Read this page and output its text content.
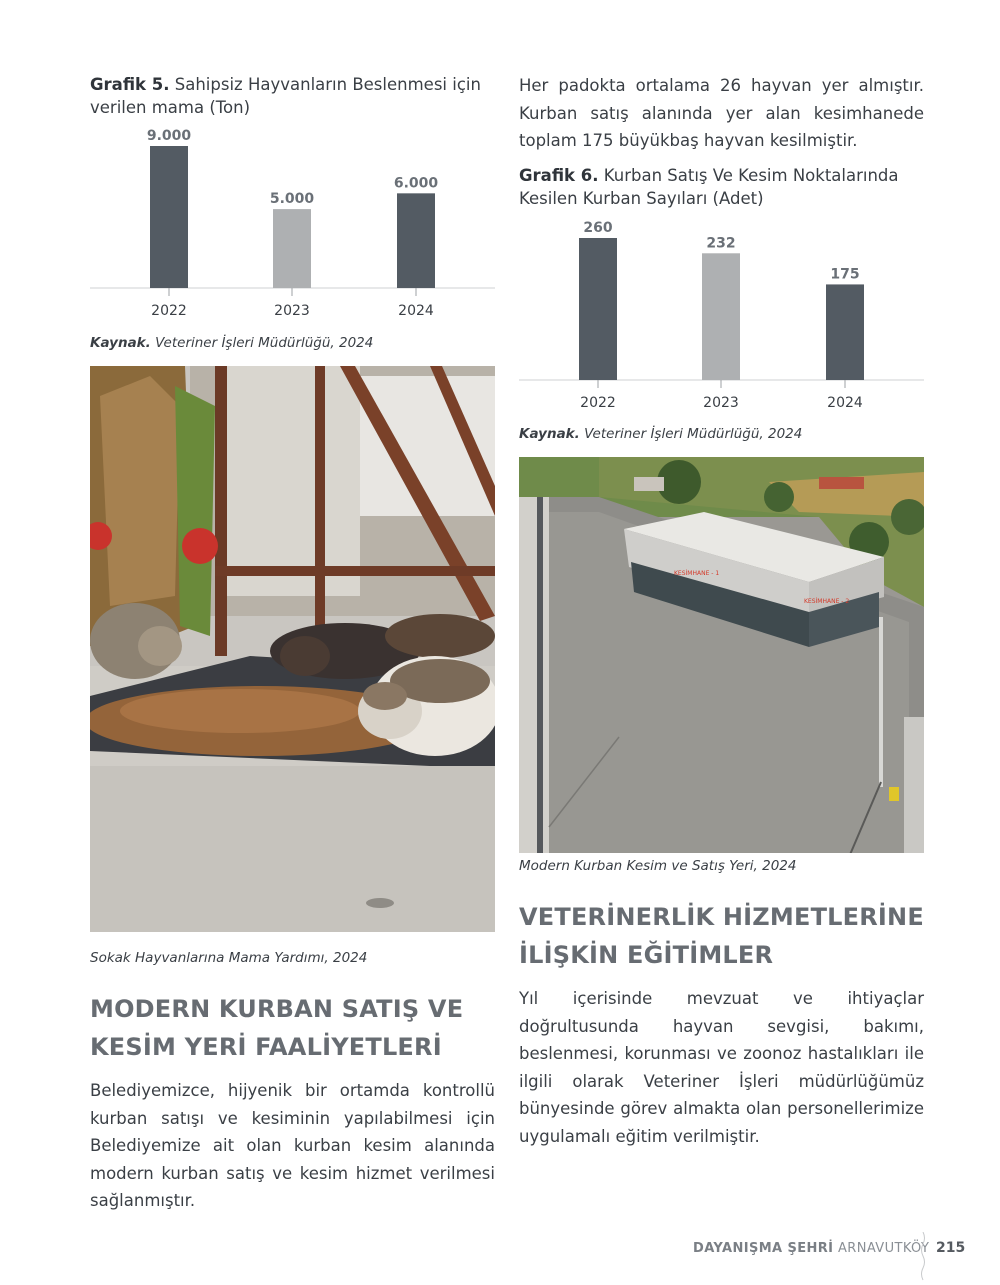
Grafik 5. Sahipsiz Hayvanların Beslenmesi için verilen mama (Ton)
9.000
2022
5.000
2023
6.000
2024
Kaynak. Veteriner İşleri Müdürlüğü, 2024
Sokak Hayvanlarına Mama Yardımı, 2024
MODERN KURBAN SATIŞ VE
KESİM YERİ FAALİYETLERİ
Belediyemizce, hijyenik bir ortamda kontrollü kurban satışı ve kesiminin yapılabilmesi için Belediyemize ait olan kurban kesim alanında modern kurban satış ve kesim hizmet verilmesi sağlanmıştır.
Her padokta ortalama 26 hayvan yer almıştır. Kurban satış alanında yer alan kesimhanede toplam 175 büyükbaş hayvan kesilmiştir.
Grafik 6. Kurban Satış Ve Kesim Noktalarında Kesilen Kurban Sayıları (Adet)
260
2022
232
2023
175
2024
Kaynak. Veteriner İşleri Müdürlüğü, 2024
KESİMHANE - 1
KESİMHANE - 2
Modern Kurban Kesim ve Satış Yeri, 2024
VETERİNERLİK HİZMETLERİNE
İLİŞKİN EĞİTİMLER
Yıl içerisinde mevzuat ve ihtiyaçlar doğrultusunda hayvan sevgisi, bakımı, beslenmesi, korunması ve zoonoz hastalıkları ile ilgili olarak Veteriner İşleri müdürlüğümüz bünyesinde görev almakta olan personellerimize uygulamalı eğitim verilmiştir.
DAYANIŞMA ŞEHRİ ARNAVUTKÖY 215
